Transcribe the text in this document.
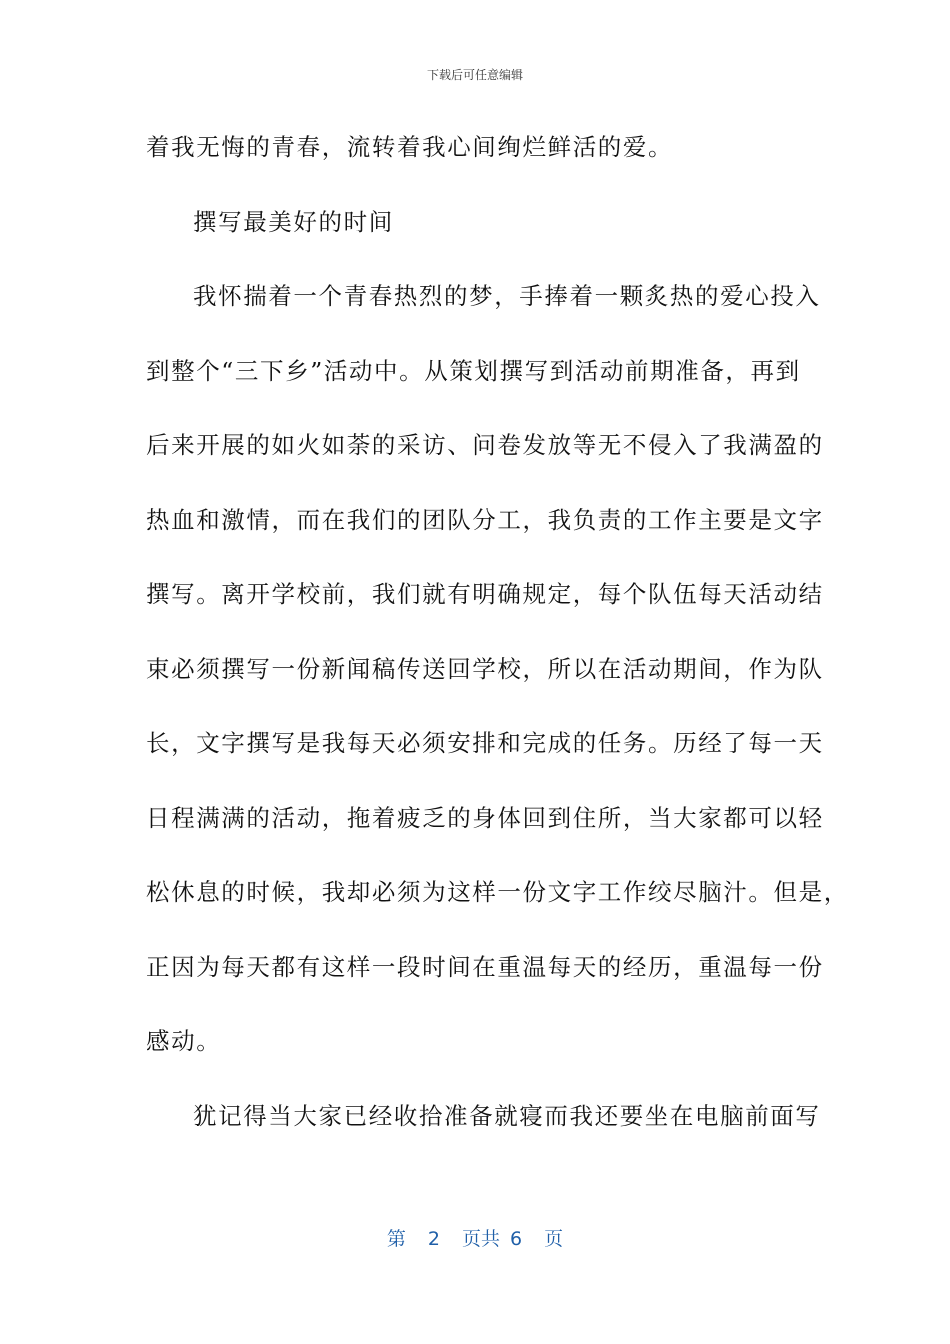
下载后可任意编辑
着我无悔的青春，流转着我心间绚烂鲜活的爱。
撰写最美好的时间
我怀揣着一个青春热烈的梦，手捧着一颗炙热的爱心投入
到整个“三下乡”活动中。从策划撰写到活动前期准备，再到
后来开展的如火如荼的采访、问卷发放等无不侵入了我满盈的
热血和激情，而在我们的团队分工，我负责的工作主要是文字
撰写。离开学校前，我们就有明确规定，每个队伍每天活动结
束必须撰写一份新闻稿传送回学校，所以在活动期间，作为队
长，文字撰写是我每天必须安排和完成的任务。历经了每一天
日程满满的活动，拖着疲乏的身体回到住所，当大家都可以轻
松休息的时候，我却必须为这样一份文字工作绞尽脑汁。但是，
正因为每天都有这样一段时间在重温每天的经历，重温每一份
感动。
犹记得当大家已经收拾准备就寝而我还要坐在电脑前面写
第 2 页共 6 页
